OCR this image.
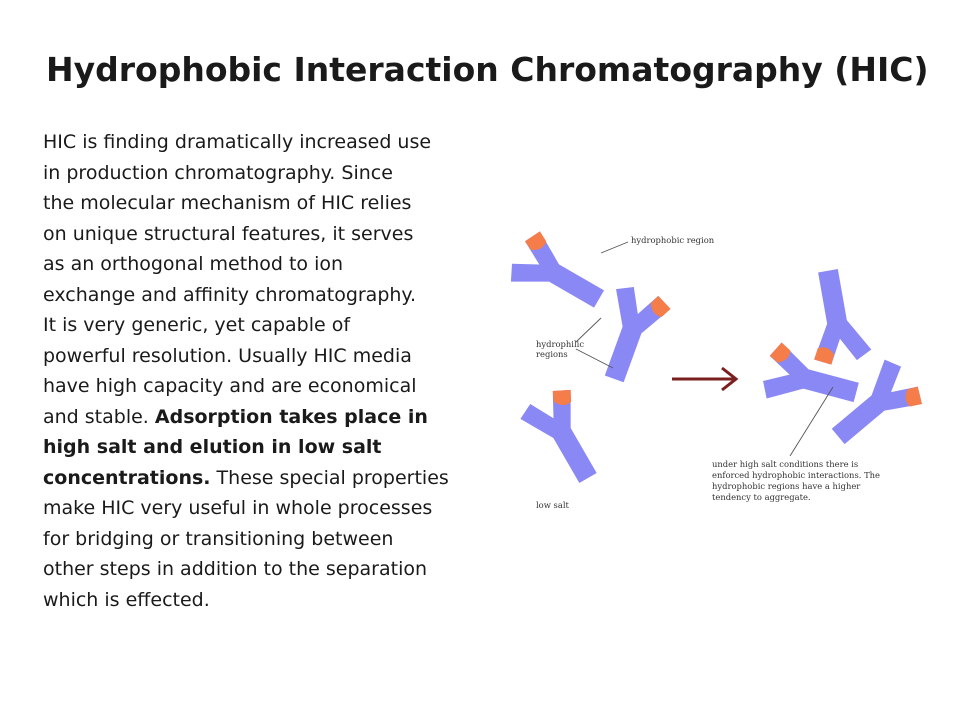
Hydrophobic Interaction Chromatography (HIC)

HIC is finding dramatically increased use
in production chromatography. Since
the molecular mechanism of HIC relies
on unique structural features, it serves
as an orthogonal method to ion
exchange and affinity chromatography.
It is very generic, yet capable of
powerful resolution. Usually HIC media
have high capacity and are economical
and stable. Adsorption takes place in
high salt and elution in low salt
concentrations. These special properties
make HIC very useful in whole processes
for bridging or transitioning between
other steps in addition to the separation
which is effected.

hydrophobic region
hydrophilic
regions
low salt
under high salt conditions there is
enforced hydrophobic interactions. The
hydrophobic regions have a higher
tendency to aggregate.
